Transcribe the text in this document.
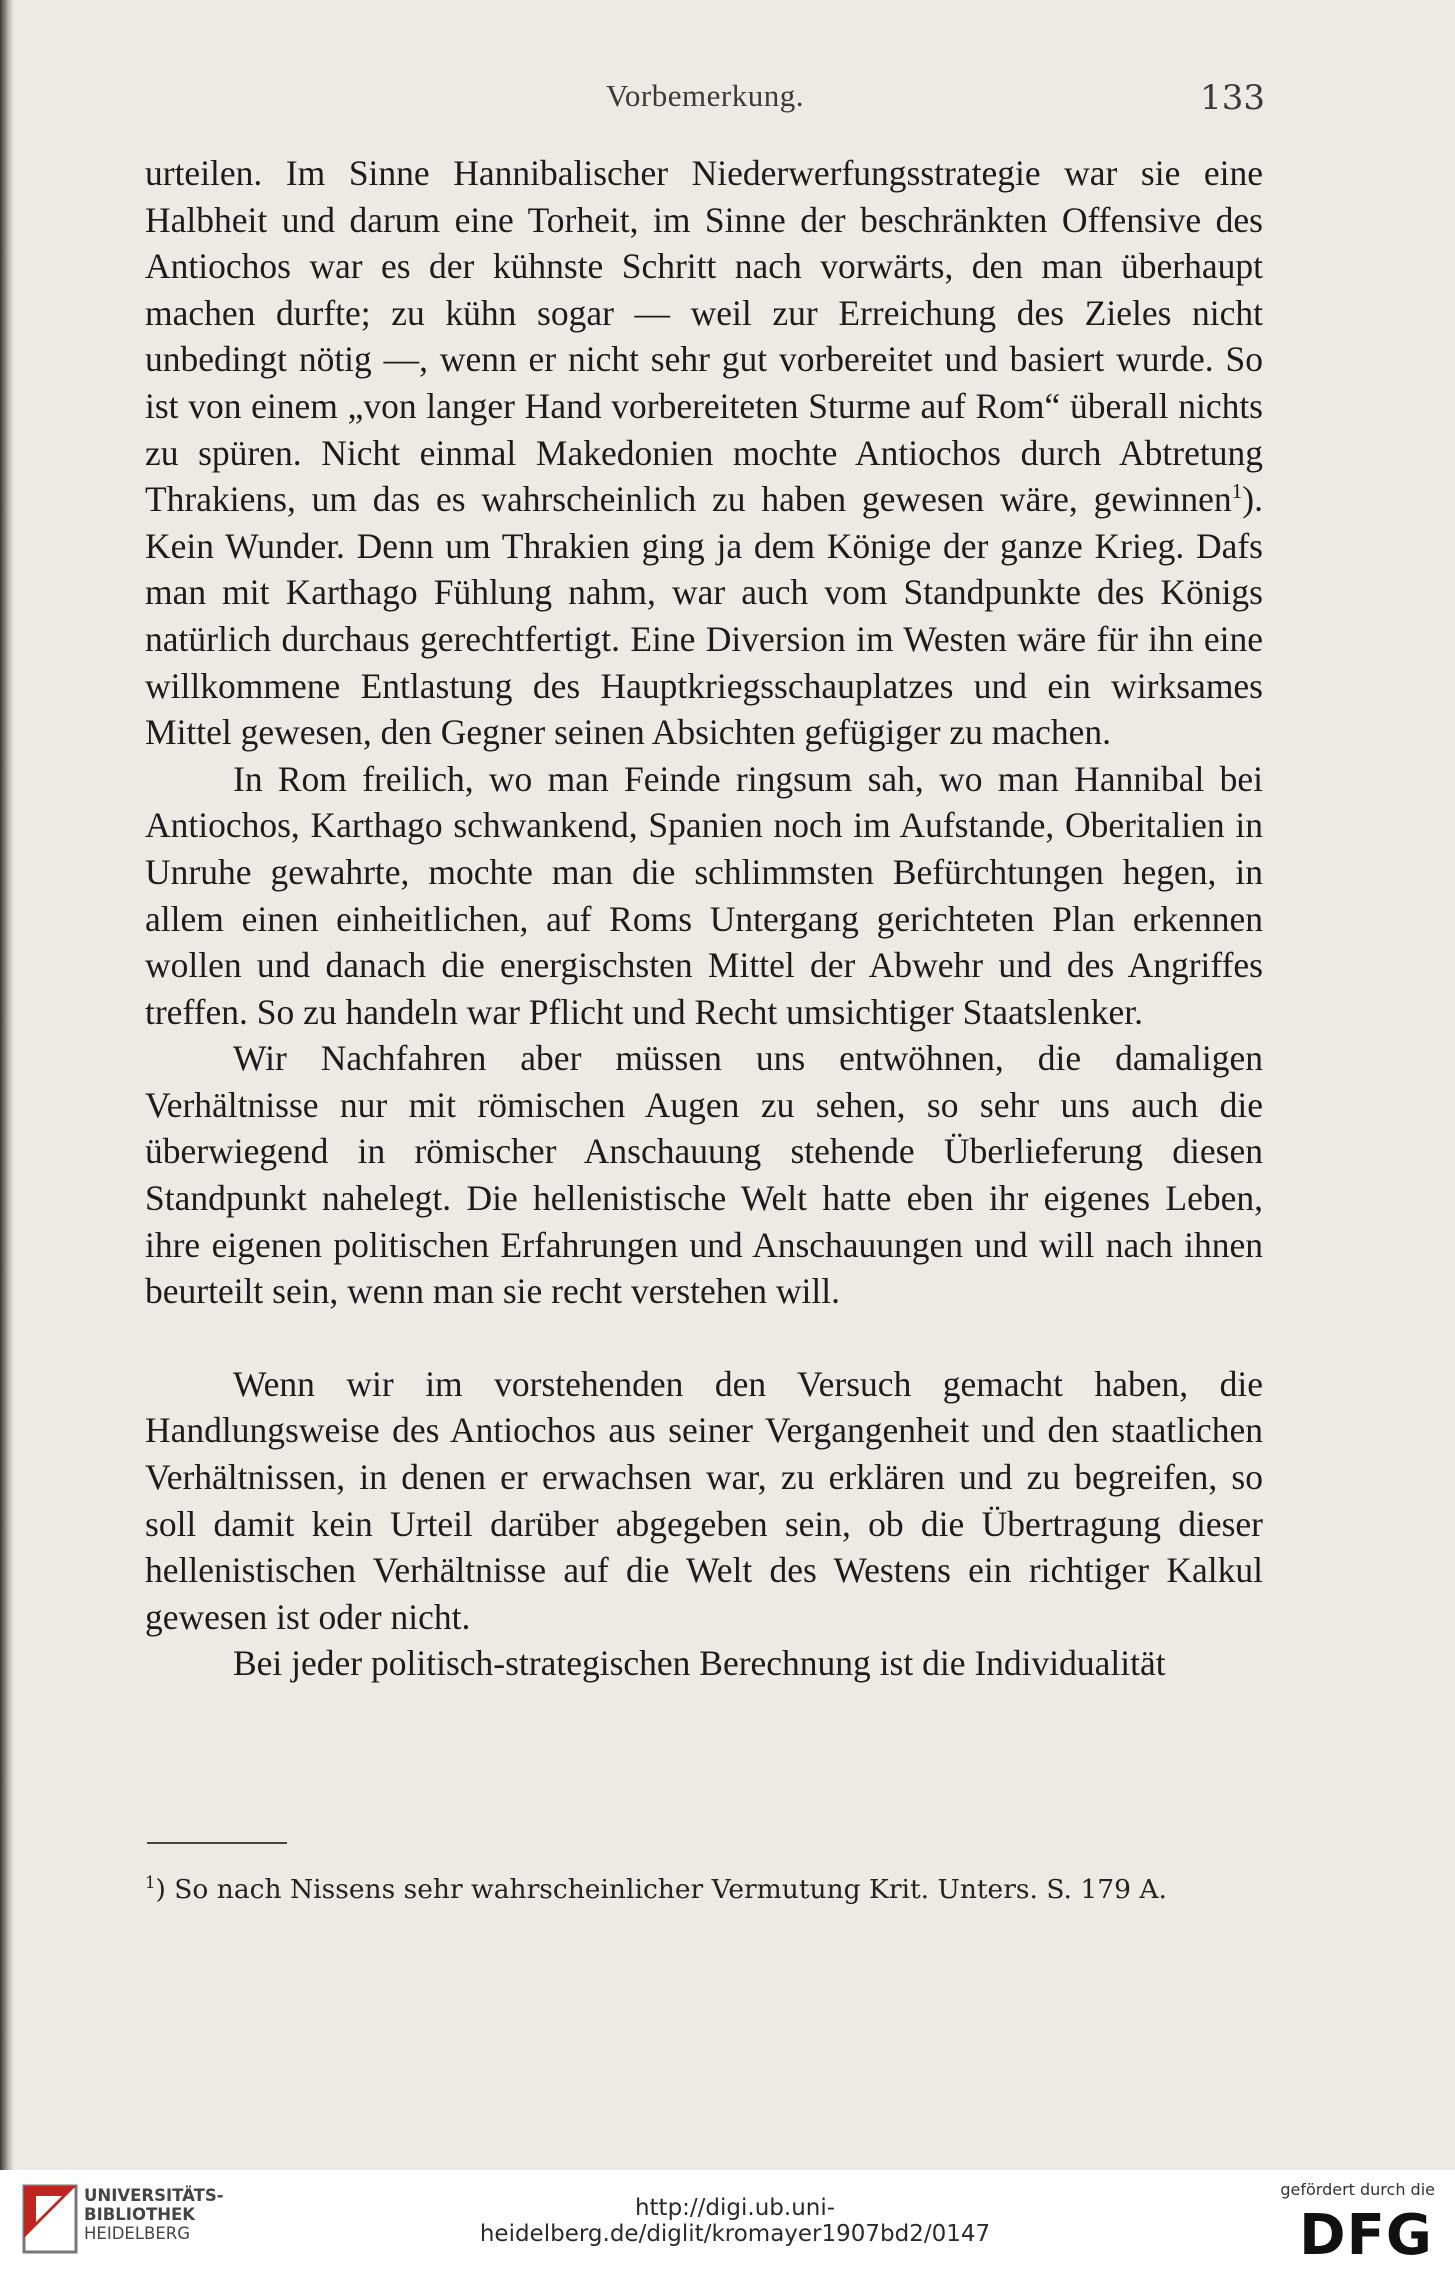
Vorbemerkung.	133

urteilen. Im Sinne Hannibalischer Niederwerfungsstrategie war sie eine Halbheit und darum eine Torheit, im Sinne der beschränkten Offensive des Antiochos war es der kühnste Schritt nach vorwärts, den man überhaupt machen durfte; zu kühn sogar — weil zur Erreichung des Zieles nicht unbedingt nötig —, wenn er nicht sehr gut vorbereitet und basiert wurde. So ist von einem „von langer Hand vorbereiteten Sturme auf Rom“ überall nichts zu spüren. Nicht einmal Makedonien mochte Antiochos durch Abtretung Thrakiens, um das es wahrscheinlich zu haben gewesen wäre, gewinnen$^1$). Kein Wunder. Denn um Thrakien ging ja dem Könige der ganze Krieg. Dafs man mit Karthago Fühlung nahm, war auch vom Standpunkte des Königs natürlich durchaus gerechtfertigt. Eine Diversion im Westen wäre für ihn eine willkommene Entlastung des Hauptkriegsschauplatzes und ein wirksames Mittel gewesen, den Gegner seinen Absichten gefügiger zu machen.

In Rom freilich, wo man Feinde ringsum sah, wo man Hannibal bei Antiochos, Karthago schwankend, Spanien noch im Aufstande, Oberitalien in Unruhe gewahrte, mochte man die schlimmsten Befürchtungen hegen, in allem einen einheitlichen, auf Roms Untergang gerichteten Plan erkennen wollen und danach die energischsten Mittel der Abwehr und des Angriffes treffen. So zu handeln war Pflicht und Recht umsichtiger Staatslenker.

Wir Nachfahren aber müssen uns entwöhnen, die damaligen Verhältnisse nur mit römischen Augen zu sehen, so sehr uns auch die überwiegend in römischer Anschauung stehende Überlieferung diesen Standpunkt nahelegt. Die hellenistische Welt hatte eben ihr eigenes Leben, ihre eigenen politischen Erfahrungen und Anschauungen und will nach ihnen beurteilt sein, wenn man sie recht verstehen will.

Wenn wir im vorstehenden den Versuch gemacht haben, die Handlungsweise des Antiochos aus seiner Vergangenheit und den staatlichen Verhältnissen, in denen er erwachsen war, zu erklären und zu begreifen, so soll damit kein Urteil darüber abgegeben sein, ob die Übertragung dieser hellenistischen Verhältnisse auf die Welt des Westens ein richtiger Kalkul gewesen ist oder nicht.

Bei jeder politisch-strategischen Berechnung ist die Individualität

$^1$) So nach Nissens sehr wahrscheinlicher Vermutung Krit. Unters. S. 179 A.
UNIVERSITÄTS-
BIBLIOTHEK
HEIDELBERG
http://digi.ub.uni-heidelberg.de/diglit/kromayer1907bd2/0147
gefördert durch die
DFG
